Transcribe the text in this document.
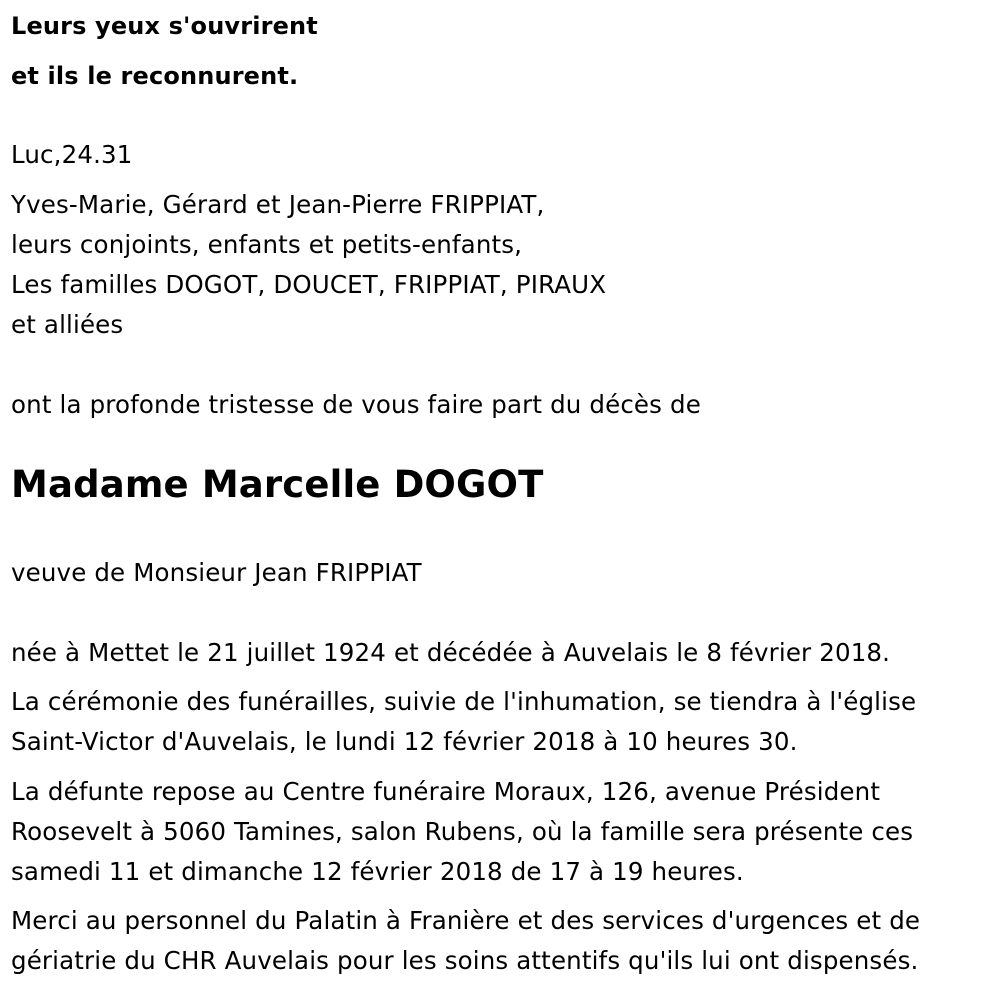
Leurs yeux s'ouvrirent
et ils le reconnurent.
Luc,24.31
Yves-Marie, Gérard et Jean-Pierre FRIPPIAT,
leurs conjoints, enfants et petits-enfants,
Les familles DOGOT, DOUCET, FRIPPIAT, PIRAUX
et alliées
ont la profonde tristesse de vous faire part du décès de
Madame Marcelle DOGOT
veuve de Monsieur Jean FRIPPIAT
née à Mettet le 21 juillet 1924 et décédée à Auvelais le 8 février 2018.
La cérémonie des funérailles, suivie de l'inhumation, se tiendra à l'église
Saint-Victor d'Auvelais, le lundi 12 février 2018 à 10 heures 30.
La défunte repose au Centre funéraire Moraux, 126, avenue Président
Roosevelt à 5060 Tamines, salon Rubens, où la famille sera présente ces
samedi 11 et dimanche 12 février 2018 de 17 à 19 heures.
Merci au personnel du Palatin à Franière et des services d'urgences et de
gériatrie du CHR Auvelais pour les soins attentifs qu'ils lui ont dispensés.
